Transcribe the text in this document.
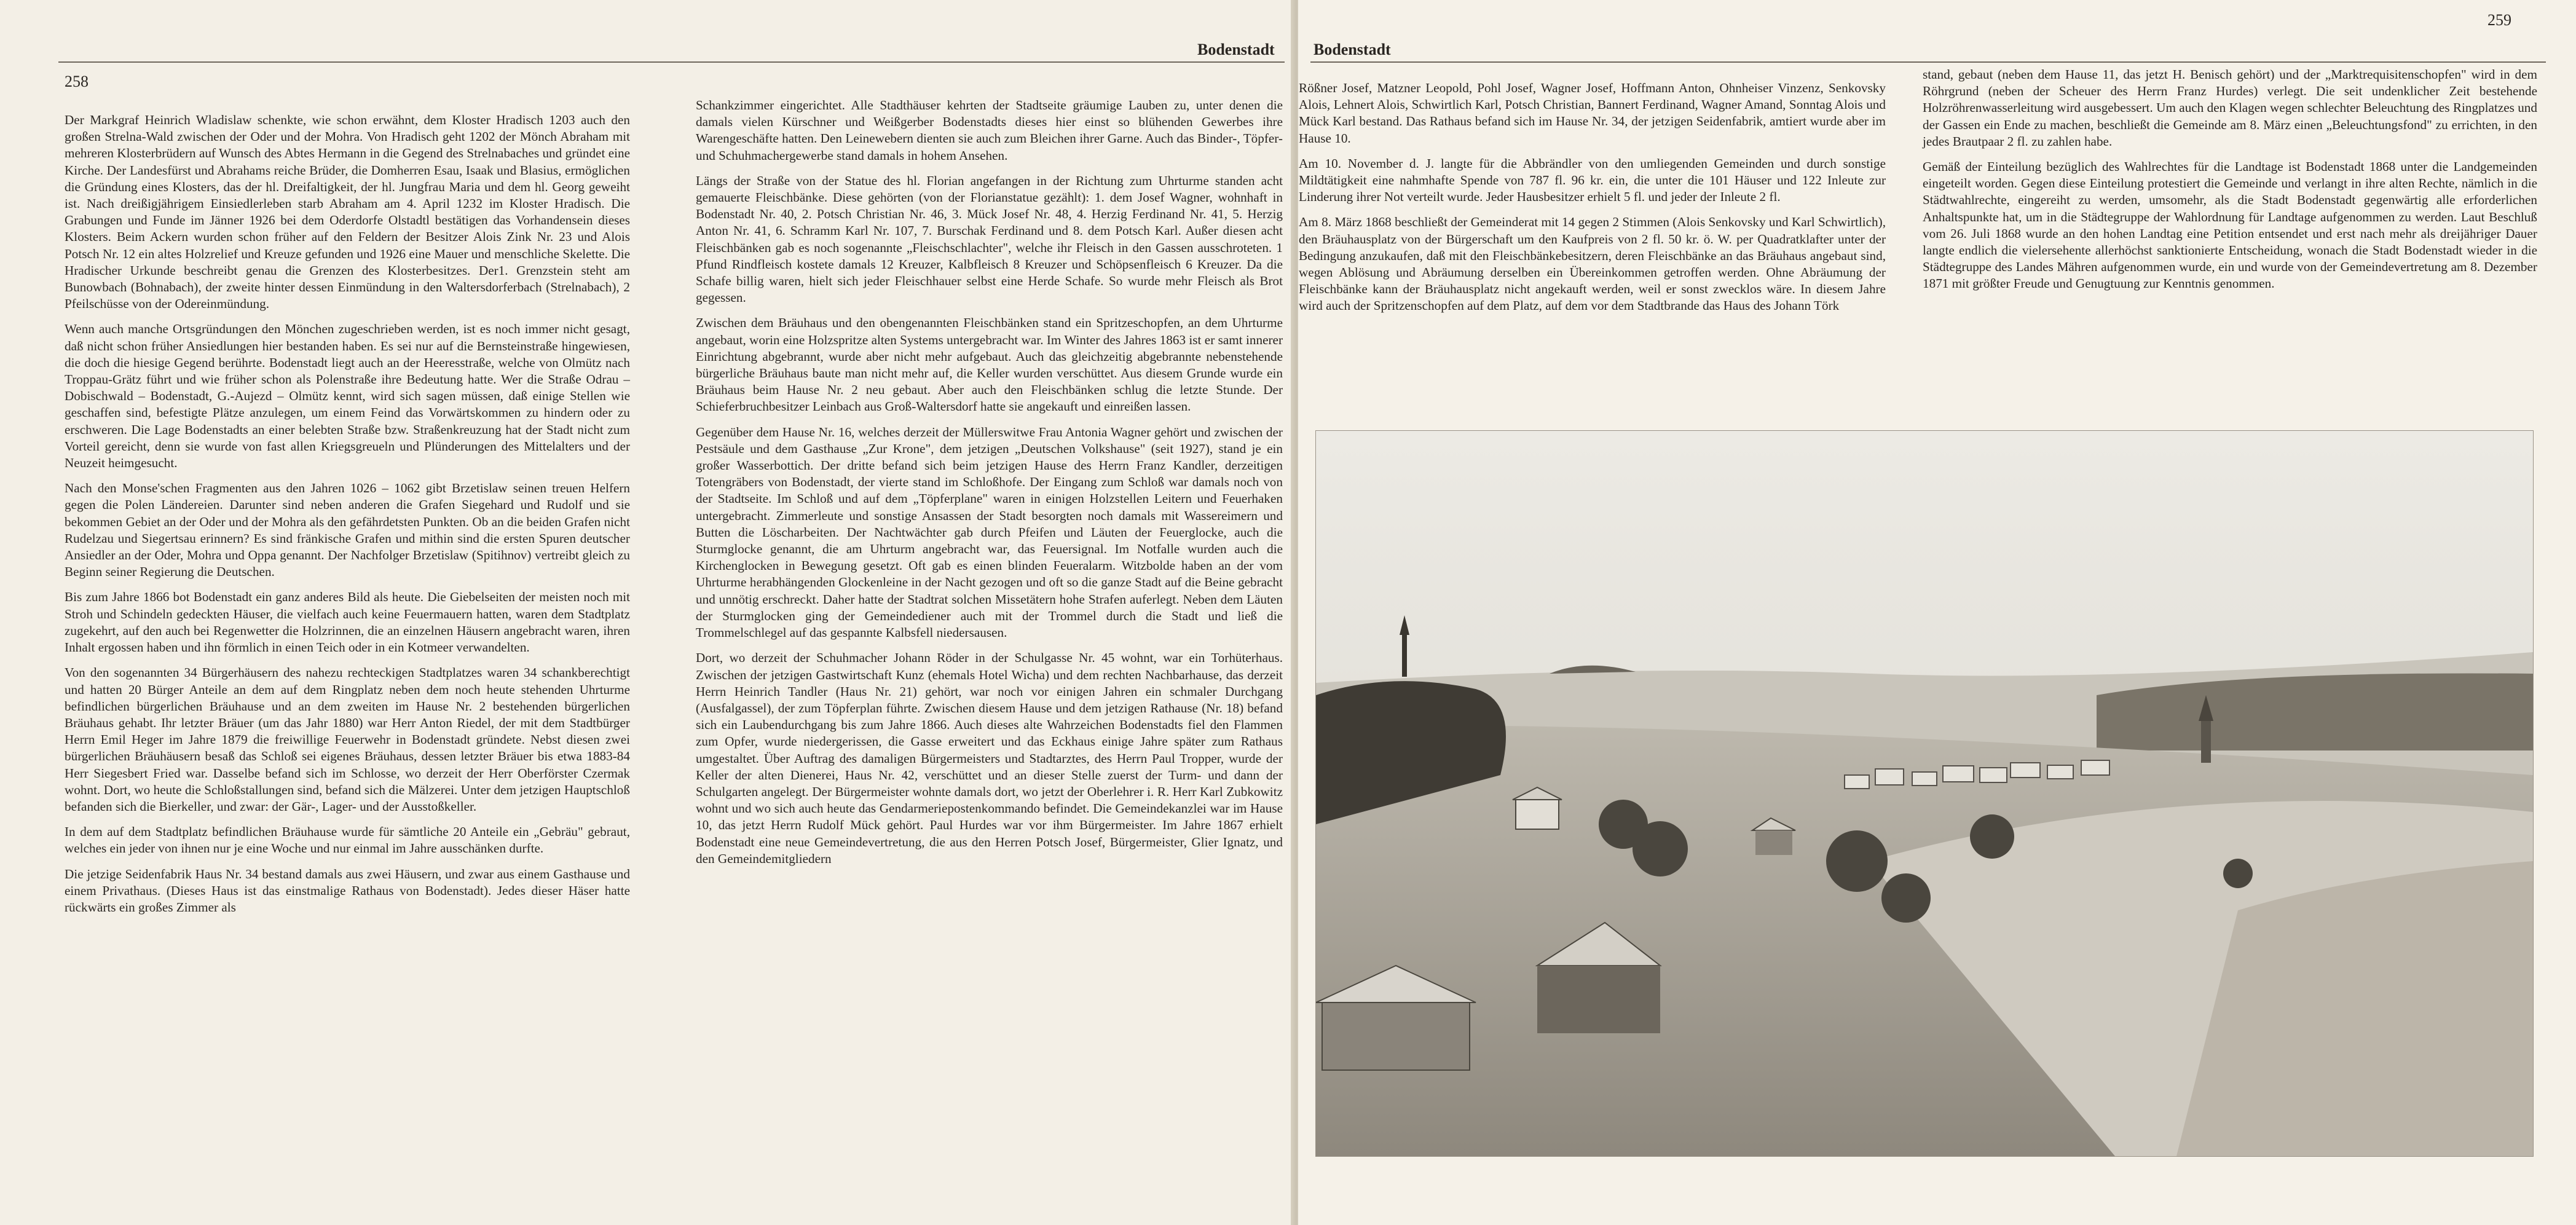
258
Bodenstadt

Der Markgraf Heinrich Wladislaw schenkte, wie schon erwähnt, dem Kloster Hradisch 1203 auch den großen Strelna-Wald zwischen der Oder und der Mohra. Von Hradisch geht 1202 der Mönch Abraham mit mehreren Klosterbrüdern auf Wunsch des Abtes Hermann in die Gegend des Strelnabaches und gründet eine Kirche. Der Landesfürst und Abrahams reiche Brüder, die Domherren Esau, Isaak und Blasius, ermöglichen die Gründung eines Klosters, das der hl. Dreifaltigkeit, der hl. Jungfrau Maria und dem hl. Georg geweiht ist. Nach dreißigjährigem Einsiedlerleben starb Abraham am 4. April 1232 im Kloster Hradisch. Die Grabungen und Funde im Jänner 1926 bei dem Oderdorfe Olstadtl bestätigen das Vorhandensein dieses Klosters. Beim Ackern wurden schon früher auf den Feldern der Besitzer Alois Zink Nr. 23 und Alois Potsch Nr. 12 ein altes Holzrelief und Kreuze gefunden und 1926 eine Mauer und menschliche Skelette. Die Hradischer Urkunde beschreibt genau die Grenzen des Klosterbesitzes. Der1. Grenzstein steht am Bunowbach (Bohnabach), der zweite hinter dessen Einmündung in den Waltersdorferbach (Strelnabach), 2 Pfeilschüsse von der Odereinmündung.

Wenn auch manche Ortsgründungen den Mönchen zugeschrieben werden, ist es noch immer nicht gesagt, daß nicht schon früher Ansiedlungen hier bestanden haben. Es sei nur auf die Bernsteinstraße hingewiesen, die doch die hiesige Gegend berührte. Bodenstadt liegt auch an der Heeresstraße, welche von Olmütz nach Troppau-Grätz führt und wie früher schon als Polenstraße ihre Bedeutung hatte. Wer die Straße Odrau – Dobischwald – Bodenstadt, G.-Aujezd – Olmütz kennt, wird sich sagen müssen, daß einige Stellen wie geschaffen sind, befestigte Plätze anzulegen, um einem Feind das Vorwärtskommen zu hindern oder zu erschweren. Die Lage Bodenstadts an einer belebten Straße bzw. Straßenkreuzung hat der Stadt nicht zum Vorteil gereicht, denn sie wurde von fast allen Kriegsgreueln und Plünderungen des Mittelalters und der Neuzeit heimgesucht.

Nach den Monse'schen Fragmenten aus den Jahren 1026 – 1062 gibt Brzetislaw seinen treuen Helfern gegen die Polen Ländereien. Darunter sind neben anderen die Grafen Siegehard und Rudolf und sie bekommen Gebiet an der Oder und der Mohra als den gefährdetsten Punkten. Ob an die beiden Grafen nicht Rudelzau und Siegertsau erinnern? Es sind fränkische Grafen und mithin sind die ersten Spuren deutscher Ansiedler an der Oder, Mohra und Oppa genannt. Der Nachfolger Brzetislaw (Spitihnov) vertreibt gleich zu Beginn seiner Regierung die Deutschen.

Bis zum Jahre 1866 bot Bodenstadt ein ganz anderes Bild als heute. Die Giebelseiten der meisten noch mit Stroh und Schindeln gedeckten Häuser, die vielfach auch keine Feuermauern hatten, waren dem Stadtplatz zugekehrt, auf den auch bei Regenwetter die Holzrinnen, die an einzelnen Häusern angebracht waren, ihren Inhalt ergossen haben und ihn förmlich in einen Teich oder in ein Kotmeer verwandelten.

Von den sogenannten 34 Bürgerhäusern des nahezu rechteckigen Stadtplatzes waren 34 schankberechtigt und hatten 20 Bürger Anteile an dem auf dem Ringplatz neben dem noch heute stehenden Uhrturme befindlichen bürgerlichen Bräuhause und an dem zweiten im Hause Nr. 2 bestehenden bürgerlichen Bräuhaus gehabt. Ihr letzter Bräuer (um das Jahr 1880) war Herr Anton Riedel, der mit dem Stadtbürger Herrn Emil Heger im Jahre 1879 die freiwillige Feuerwehr in Bodenstadt gründete. Nebst diesen zwei bürgerlichen Bräuhäusern besaß das Schloß sei eigenes Bräuhaus, dessen letzter Bräuer bis etwa 1883-84 Herr Siegesbert Fried war. Dasselbe befand sich im Schlosse, wo derzeit der Herr Oberförster Czermak wohnt. Dort, wo heute die Schloßstallungen sind, befand sich die Mälzerei. Unter dem jetzigen Hauptschloß befanden sich die Bierkeller, und zwar: der Gär-, Lager- und der Ausstoßkeller.

In dem auf dem Stadtplatz befindlichen Bräuhause wurde für sämtliche 20 Anteile ein „Gebräu" gebraut, welches ein jeder von ihnen nur je eine Woche und nur einmal im Jahre ausschänken durfte.

Die jetzige Seidenfabrik Haus Nr. 34 bestand damals aus zwei Häusern, und zwar aus einem Gasthause und einem Privathaus. (Dieses Haus ist das einstmalige Rathaus von Bodenstadt). Jedes dieser Häser hatte rückwärts ein großes Zimmer als

Schankzimmer eingerichtet. Alle Stadthäuser kehrten der Stadtseite gräumige Lauben zu, unter denen die damals vielen Kürschner und Weißgerber Bodenstadts dieses hier einst so blühenden Gewerbes ihre Warengeschäfte hatten. Den Leinewebern dienten sie auch zum Bleichen ihrer Garne. Auch das Binder-, Töpfer- und Schuhmachergewerbe stand damals in hohem Ansehen.

Längs der Straße von der Statue des hl. Florian angefangen in der Richtung zum Uhrturme standen acht gemauerte Fleischbänke. Diese gehörten (von der Florianstatue gezählt): 1. dem Josef Wagner, wohnhaft in Bodenstadt Nr. 40, 2. Potsch Christian Nr. 46, 3. Mück Josef Nr. 48, 4. Herzig Ferdinand Nr. 41, 5. Herzig Anton Nr. 41, 6. Schramm Karl Nr. 107, 7. Burschak Ferdinand und 8. dem Potsch Karl. Außer diesen acht Fleischbänken gab es noch sogenannte „Fleischschlachter", welche ihr Fleisch in den Gassen ausschroteten. 1 Pfund Rindfleisch kostete damals 12 Kreuzer, Kalbfleisch 8 Kreuzer und Schöpsenfleisch 6 Kreuzer. Da die Schafe billig waren, hielt sich jeder Fleischhauer selbst eine Herde Schafe. So wurde mehr Fleisch als Brot gegessen.

Zwischen dem Bräuhaus und den obengenannten Fleischbänken stand ein Spritzeschopfen, an dem Uhrturme angebaut, worin eine Holzspritze alten Systems untergebracht war. Im Winter des Jahres 1863 ist er samt innerer Einrichtung abgebrannt, wurde aber nicht mehr aufgebaut. Auch das gleichzeitig abgebrannte nebenstehende bürgerliche Bräuhaus baute man nicht mehr auf, die Keller wurden verschüttet. Aus diesem Grunde wurde ein Bräuhaus beim Hause Nr. 2 neu gebaut. Aber auch den Fleischbänken schlug die letzte Stunde. Der Schieferbruchbesitzer Leinbach aus Groß-Waltersdorf hatte sie angekauft und einreißen lassen.

Gegenüber dem Hause Nr. 16, welches derzeit der Müllerswitwe Frau Antonia Wagner gehört und zwischen der Pestsäule und dem Gasthause „Zur Krone", dem jetzigen „Deutschen Volkshause" (seit 1927), stand je ein großer Wasserbottich. Der dritte befand sich beim jetzigen Hause des Herrn Franz Kandler, derzeitigen Totengräbers von Bodenstadt, der vierte stand im Schloßhofe. Der Eingang zum Schloß war damals noch von der Stadtseite. Im Schloß und auf dem „Töpferplane" waren in einigen Holzstellen Leitern und Feuerhaken untergebracht. Zimmerleute und sonstige Ansassen der Stadt besorgten noch damals mit Wassereimern und Butten die Löscharbeiten. Der Nachtwächter gab durch Pfeifen und Läuten der Feuerglocke, auch die Sturmglocke genannt, die am Uhrturm angebracht war, das Feuersignal. Im Notfalle wurden auch die Kirchenglocken in Bewegung gesetzt. Oft gab es einen blinden Feueralarm. Witzbolde haben an der vom Uhrturme herabhängenden Glockenleine in der Nacht gezogen und oft so die ganze Stadt auf die Beine gebracht und unnötig erschreckt. Daher hatte der Stadtrat solchen Missetätern hohe Strafen auferlegt. Neben dem Läuten der Sturmglocken ging der Gemeindediener auch mit der Trommel durch die Stadt und ließ die Trommelschlegel auf das gespannte Kalbsfell niedersausen.

Dort, wo derzeit der Schuhmacher Johann Röder in der Schulgasse Nr. 45 wohnt, war ein Torhüterhaus. Zwischen der jetzigen Gastwirtschaft Kunz (ehemals Hotel Wicha) und dem rechten Nachbarhause, das derzeit Herrn Heinrich Tandler (Haus Nr. 21) gehört, war noch vor einigen Jahren ein schmaler Durchgang (Ausfalgassel), der zum Töpferplan führte. Zwischen diesem Hause und dem jetzigen Rathause (Nr. 18) befand sich ein Laubendurchgang bis zum Jahre 1866. Auch dieses alte Wahrzeichen Bodenstadts fiel den Flammen zum Opfer, wurde niedergerissen, die Gasse erweitert und das Eckhaus einige Jahre später zum Rathaus umgestaltet. Über Auftrag des damaligen Bürgermeisters und Stadtarztes, des Herrn Paul Tropper, wurde der Keller der alten Dienerei, Haus Nr. 42, verschüttet und an dieser Stelle zuerst der Turm- und dann der Schulgarten angelegt. Der Bürgermeister wohnte damals dort, wo jetzt der Oberlehrer i. R. Herr Karl Zubkowitz wohnt und wo sich auch heute das Gendarmeriepostenkommando befindet. Die Gemeindekanzlei war im Hause 10, das jetzt Herrn Rudolf Mück gehört. Paul Hurdes war vor ihm Bürgermeister. Im Jahre 1867 erhielt Bodenstadt eine neue Gemeindevertretung, die aus den Herren Potsch Josef, Bürgermeister, Glier Ignatz, und den Gemeindemitgliedern

259
Bodenstadt

Rößner Josef, Matzner Leopold, Pohl Josef, Wagner Josef, Hoffmann Anton, Ohnheiser Vinzenz, Senkovsky Alois, Lehnert Alois, Schwirtlich Karl, Potsch Christian, Bannert Ferdinand, Wagner Amand, Sonntag Alois und Mück Karl bestand. Das Rathaus befand sich im Hause Nr. 34, der jetzigen Seidenfabrik, amtiert wurde aber im Hause 10.

Am 10. November d. J. langte für die Abbrändler von den umliegenden Gemeinden und durch sonstige Mildtätigkeit eine nahmhafte Spende von 787 fl. 96 kr. ein, die unter die 101 Häuser und 122 Inleute zur Linderung ihrer Not verteilt wurde. Jeder Hausbesitzer erhielt 5 fl. und jeder der Inleute 2 fl.

Am 8. März 1868 beschließt der Gemeinderat mit 14 gegen 2 Stimmen (Alois Senkovsky und Karl Schwirtlich), den Bräuhausplatz von der Bürgerschaft um den Kaufpreis von 2 fl. 50 kr. ö. W. per Quadratklafter unter der Bedingung anzukaufen, daß mit den Fleischbänkebesitzern, deren Fleischbänke an das Bräuhaus angebaut sind, wegen Ablösung und Abräumung derselben ein Übereinkommen getroffen werden. Ohne Abräumung der Fleischbänke kann der Bräuhausplatz nicht angekauft werden, weil er sonst zwecklos wäre. In diesem Jahre wird auch der Spritzenschopfen auf dem Platz, auf dem vor dem Stadtbrande das Haus des Johann Törk

stand, gebaut (neben dem Hause 11, das jetzt H. Benisch gehört) und der „Marktrequisitenschopfen" wird in dem Röhrgrund (neben der Scheuer des Herrn Franz Hurdes) verlegt. Die seit undenklicher Zeit bestehende Holzröhrenwasserleitung wird ausgebessert. Um auch den Klagen wegen schlechter Beleuchtung des Ringplatzes und der Gassen ein Ende zu machen, beschließt die Gemeinde am 8. März einen „Beleuchtungsfond" zu errichten, in den jedes Brautpaar 2 fl. zu zahlen habe.

Gemäß der Einteilung bezüglich des Wahlrechtes für die Landtage ist Bodenstadt 1868 unter die Landgemeinden eingeteilt worden. Gegen diese Einteilung protestiert die Gemeinde und verlangt in ihre alten Rechte, nämlich in die Städtwahlrechte, eingereiht zu werden, umsomehr, als die Stadt Bodenstadt gegenwärtig alle erforderlichen Anhaltspunkte hat, um in die Städtegruppe der Wahlordnung für Landtage aufgenommen zu werden. Laut Beschluß vom 26. Juli 1868 wurde an den hohen Landtag eine Petition entsendet und erst nach mehr als dreijähriger Dauer langte endlich die vielersehente allerhöchst sanktionierte Entscheidung, wonach die Stadt Bodenstadt wieder in die Städtegruppe des Landes Mähren aufgenommen wurde, ein und wurde von der Gemeindevertretung am 8. Dezember 1871 mit größter Freude und Genugtuung zur Kenntnis genommen.
